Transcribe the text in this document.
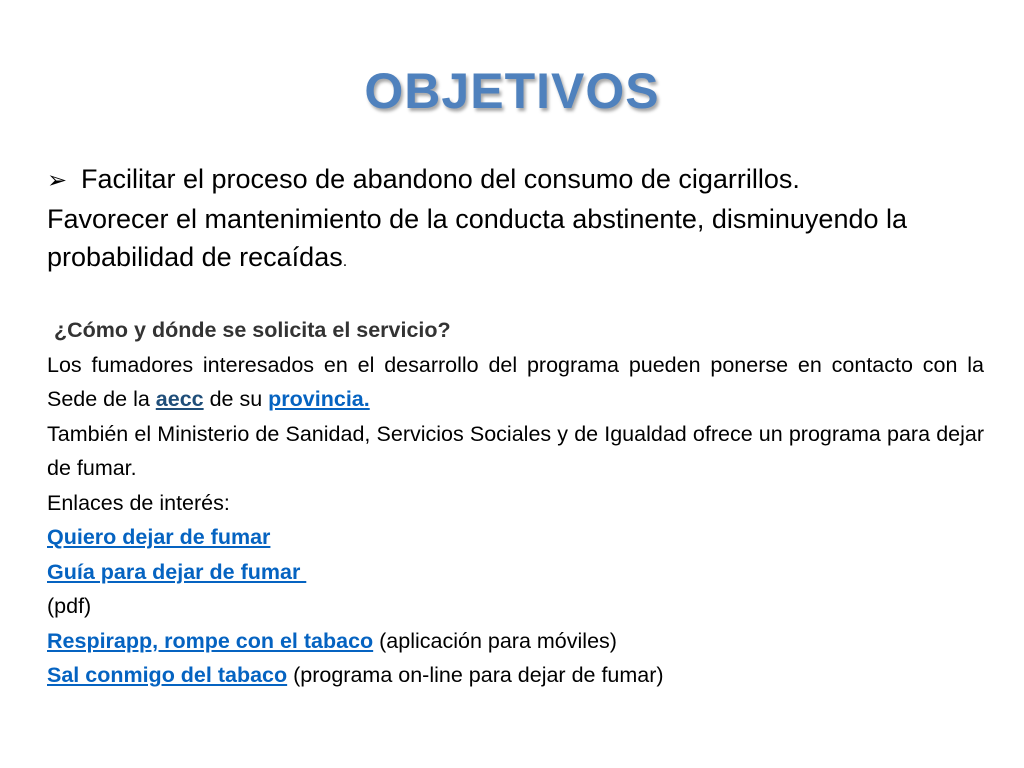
OBJETIVOS

➢ Facilitar el proceso de abandono del consumo de cigarrillos.

Favorecer el mantenimiento de la conducta abstinente, disminuyendo la probabilidad de recaídas.

¿Cómo y dónde se solicita el servicio?

Los fumadores interesados en el desarrollo del programa pueden ponerse en contacto con la Sede de la aecc de su provincia.

También el Ministerio de Sanidad, Servicios Sociales y de Igualdad ofrece un programa para dejar de fumar.

Enlaces de interés:

Quiero dejar de fumar

Guía para dejar de fumar

(pdf)

Respirapp, rompe con el tabaco (aplicación para móviles)

Sal conmigo del tabaco (programa on-line para dejar de fumar)
